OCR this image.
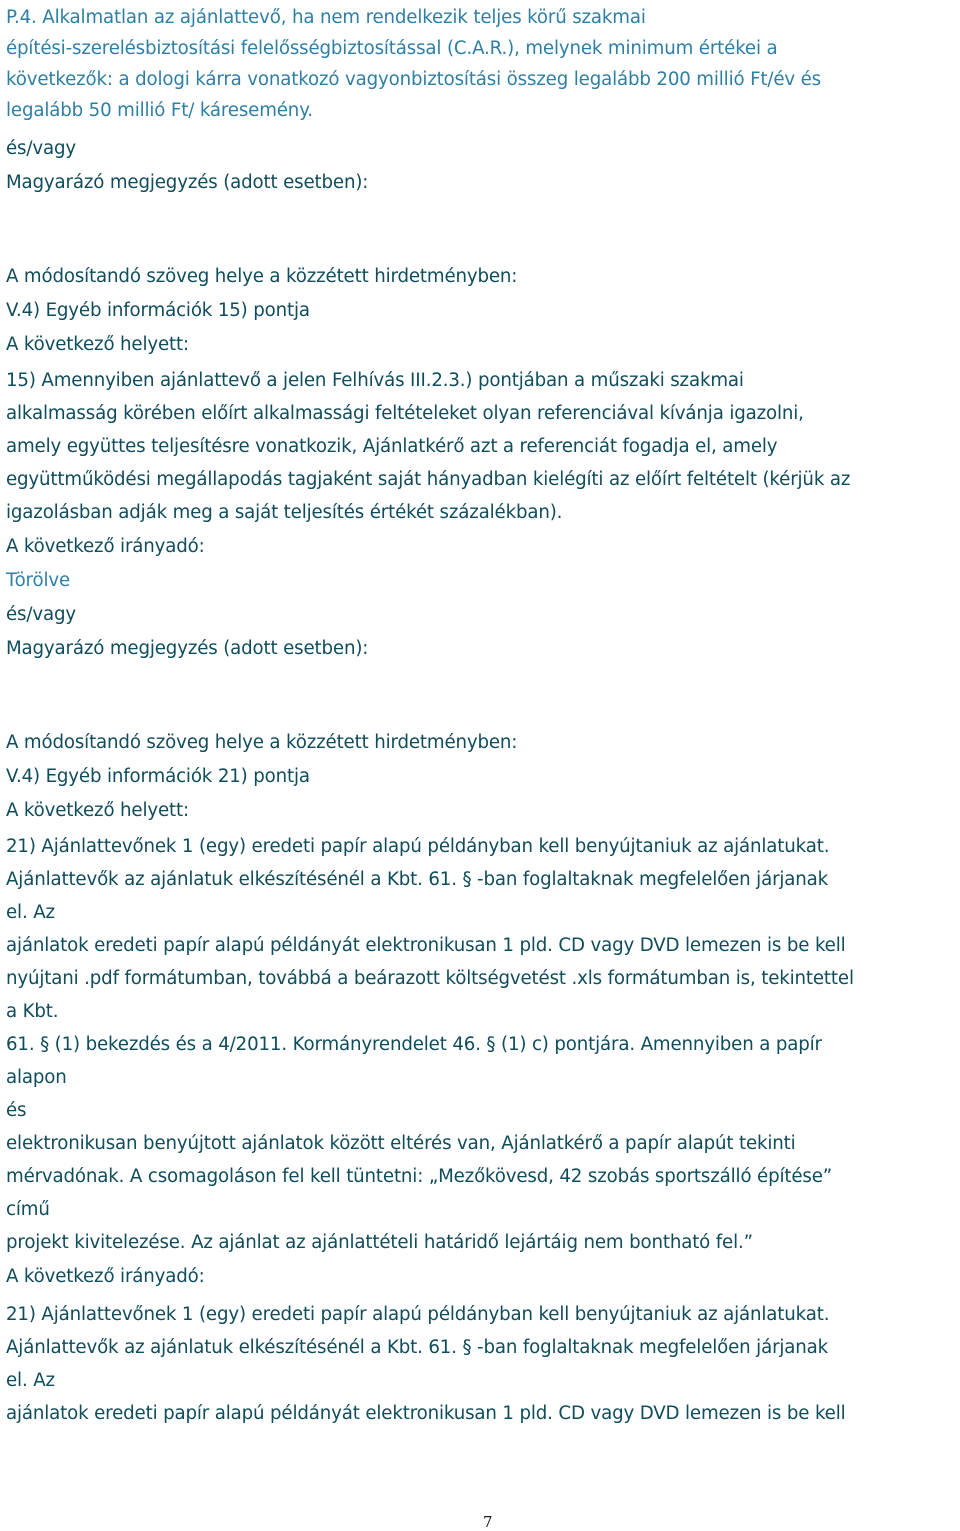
P.4. Alkalmatlan az ajánlattevő, ha nem rendelkezik teljes körű szakmai

építési-szerelésbiztosítási felelősségbiztosítással (C.A.R.), melynek minimum értékei a

következők: a dologi kárra vonatkozó vagyonbiztosítási összeg legalább 200 millió Ft/év és

legalább 50 millió Ft/ káresemény.

és/vagy

Magyarázó megjegyzés (adott esetben):

A módosítandó szöveg helye a közzétett hirdetményben:

V.4) Egyéb információk 15) pontja

A következő helyett:

15) Amennyiben ajánlattevő a jelen Felhívás III.2.3.) pontjában a műszaki szakmai

alkalmasság körében előírt alkalmassági feltételeket olyan referenciával kívánja igazolni,

amely együttes teljesítésre vonatkozik, Ajánlatkérő azt a referenciát fogadja el, amely

együttműködési megállapodás tagjaként saját hányadban kielégíti az előírt feltételt (kérjük az

igazolásban adják meg a saját teljesítés értékét százalékban).

A következő irányadó:

Törölve

és/vagy

Magyarázó megjegyzés (adott esetben):

A módosítandó szöveg helye a közzétett hirdetményben:

V.4) Egyéb információk 21) pontja

A következő helyett:

21) Ajánlattevőnek 1 (egy) eredeti papír alapú példányban kell benyújtaniuk az ajánlatukat.

Ajánlattevők az ajánlatuk elkészítésénél a Kbt. 61. § -ban foglaltaknak megfelelően járjanak

el. Az

ajánlatok eredeti papír alapú példányát elektronikusan 1 pld. CD vagy DVD lemezen is be kell

nyújtani .pdf formátumban, továbbá a beárazott költségvetést .xls formátumban is, tekintettel

a Kbt.

61. § (1) bekezdés és a 4/2011. Kormányrendelet 46. § (1) c) pontjára. Amennyiben a papír

alapon

és

elektronikusan benyújtott ajánlatok között eltérés van, Ajánlatkérő a papír alapút tekinti

mérvadónak. A csomagoláson fel kell tüntetni: „Mezőkövesd, 42 szobás sportszálló építése”

című

projekt kivitelezése. Az ajánlat az ajánlattételi határidő lejártáig nem bontható fel.”

A következő irányadó:

21) Ajánlattevőnek 1 (egy) eredeti papír alapú példányban kell benyújtaniuk az ajánlatukat.

Ajánlattevők az ajánlatuk elkészítésénél a Kbt. 61. § -ban foglaltaknak megfelelően járjanak

el. Az

ajánlatok eredeti papír alapú példányát elektronikusan 1 pld. CD vagy DVD lemezen is be kell

7
